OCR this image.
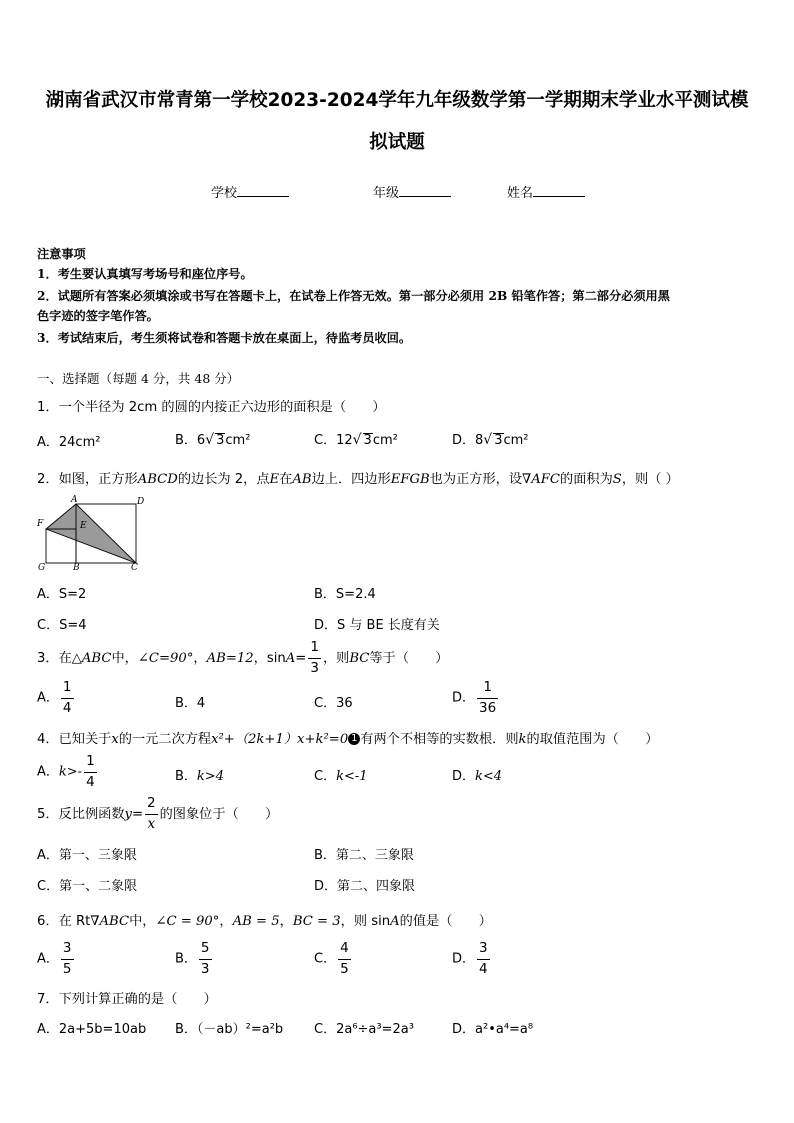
湖南省武汉市常青第一学校2023-2024学年九年级数学第一学期期末学业水平测试模
拟试题
学校	年级	姓名
注意事项
1．考生要认真填写考场号和座位序号。
2．试题所有答案必须填涂或书写在答题卡上，在试卷上作答无效。第一部分必须用 2B 铅笔作答；第二部分必须用黑
色字迹的签字笔作答。
3．考试结束后，考生须将试卷和答题卡放在桌面上，待监考员收回。
一、选择题（每题 4 分，共 48 分）
1．一个半径为 2cm 的圆的内接正六边形的面积是（　　）
A．24cm²	B．6√ 3cm²	C．12√ 3cm²	D．8√ 3cm²
2．如图，正方形ABCD的边长为 2，点E在AB边上．四边形EFGB也为正方形，设∇AFC的面积为S，则（ ）
A	D
F	E
G	B	C
A．S=2	B．S=2.4
C．S=4	D．S 与 BE 长度有关
3．在△ABC中，∠C=90°，AB=12，$\sin A= \frac{1}{3}$ ，则BC等于（　　）
A． $\frac{1}{4}$	B．4	C．36	D． $\frac{1}{36}$
4．已知关于x的一元二次方程x²+（2k+1）x+k²=0 1 有两个不相等的实数根．则k的取值范围为（　　）
A．$k>- \frac{1}{4}$	B．k>4	C．k<-1	D．k<4
5．反比例函数$y= \frac{2}{x}$ 的图象位于（　　）
A．第一、三象限	B．第二、三象限
C．第一、二象限	D．第二、四象限
6．在 Rt∇ABC中，∠C = 90°，AB = 5，BC = 3，则 sinA的值是（　　）
A． $\frac{3}{5}$	B． $\frac{5}{3}$	C． $\frac{4}{5}$	D． $\frac{3}{4}$
7．下列计算正确的是（　　）
A．2a+5b=10ab B．（－ab）²=a²b C．2a⁶÷a³=2a³	D．a²•a⁴=a⁸
